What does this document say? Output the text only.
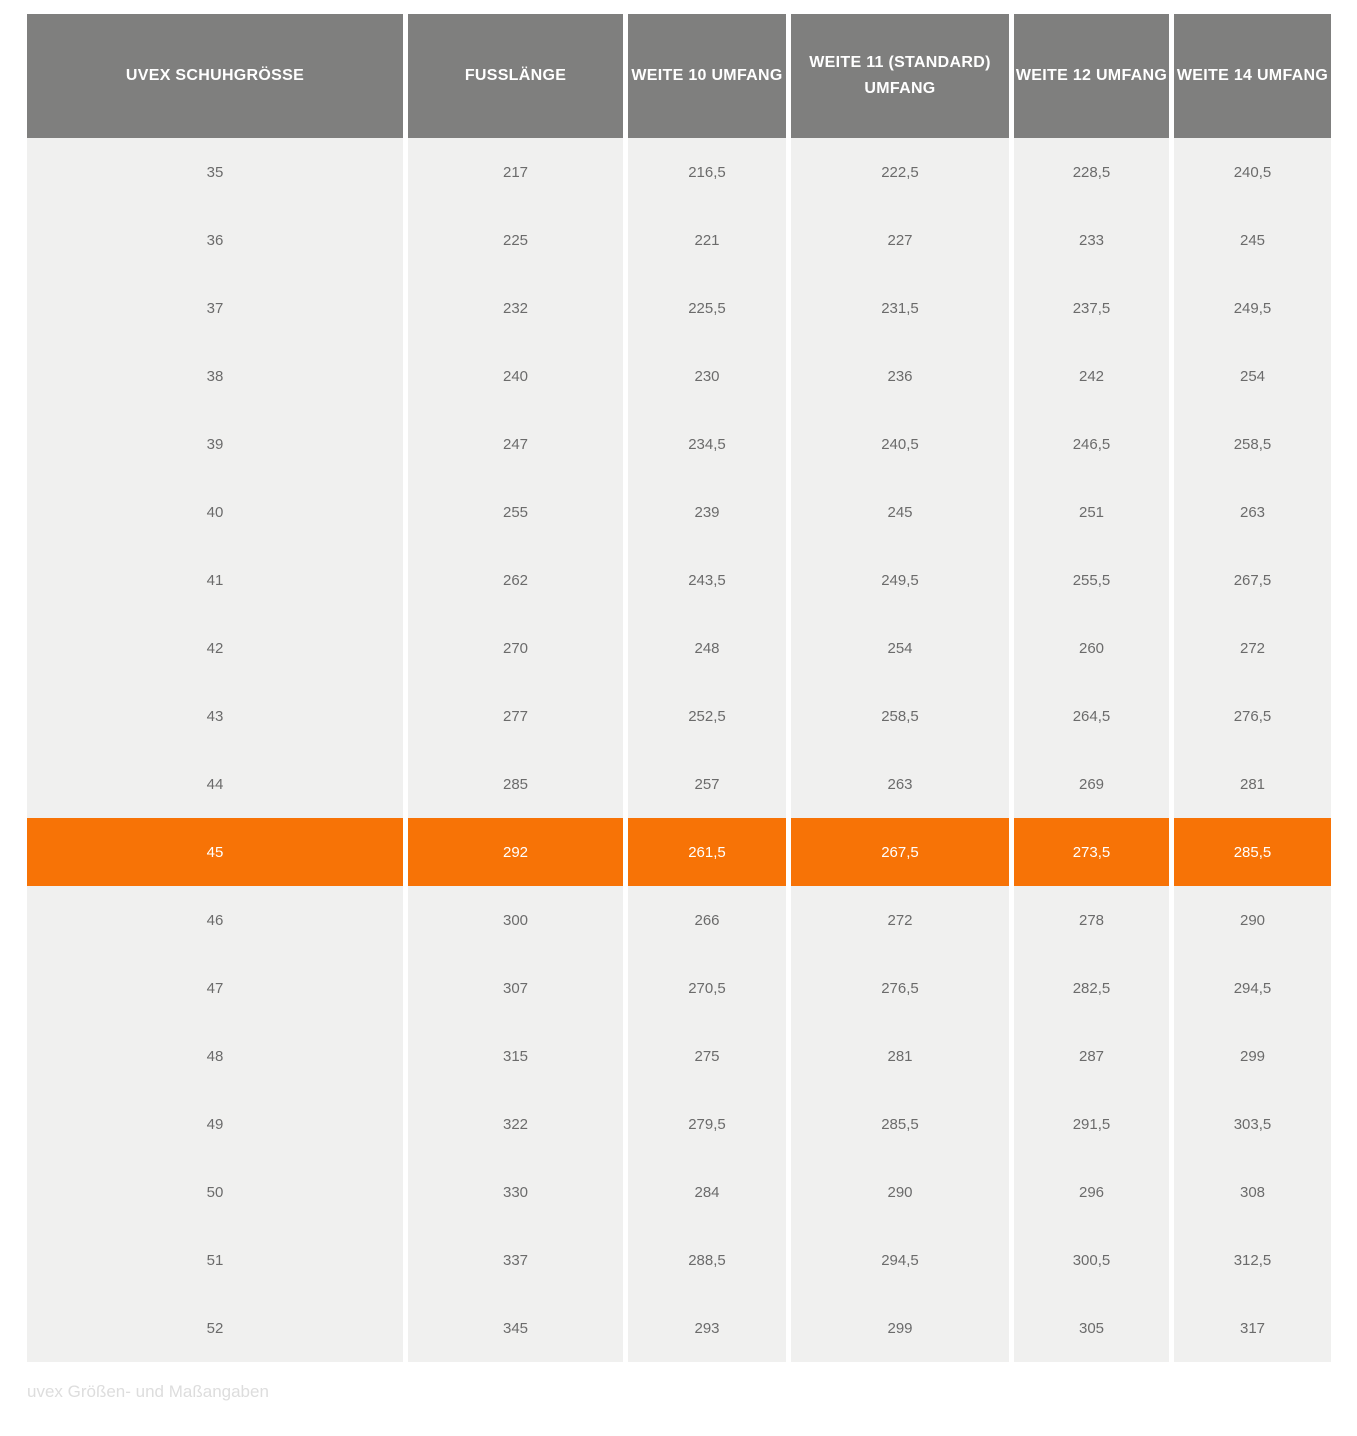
UVEX SCHUHGRÖSSE	FUSSLÄNGE	WEITE 10 UMFANG
WEITE 11 (STANDARD) UMFANG
WEITE 12 UMFANG WEITE 14 UMFANG
35	217	216,5	222,5	228,5	240,5
36	225	221	227	233	245
37	232	225,5	231,5	237,5	249,5
38	240	230	236	242	254
39	247	234,5	240,5	246,5	258,5
40	255	239	245	251	263
41	262	243,5	249,5	255,5	267,5
42	270	248	254	260	272
43	277	252,5	258,5	264,5	276,5
44	285	257	263	269	281
45	292	261,5	267,5	273,5	285,5
46	300	266	272	278	290
47	307	270,5	276,5	282,5	294,5
48	315	275	281	287	299
49	322	279,5	285,5	291,5	303,5
50	330	284	290	296	308
51	337	288,5	294,5	300,5	312,5
52	345	293	299	305	317
uvex Größen- und Maßangaben
